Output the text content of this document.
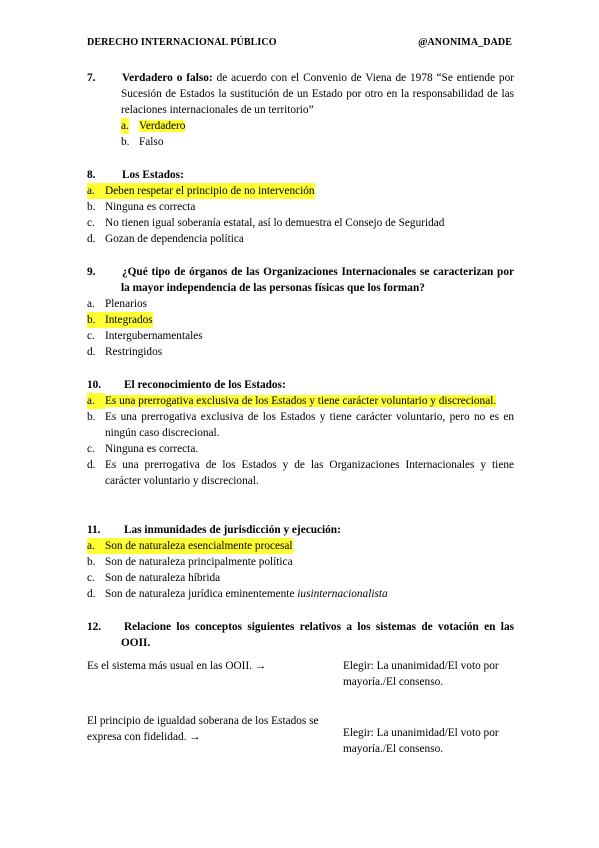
DERECHO INTERNACIONAL PÚBLICO	@ANONIMA_DADE
7. Verdadero o falso: de acuerdo con el Convenio de Viena de 1978 “Se entiende por Sucesión de Estados la sustitución de un Estado por otro en la responsabilidad de las relaciones internacionales de un territorio”
a. Verdadero
b. Falso
8. Los Estados:
a. Deben respetar el principio de no intervención
b. Ninguna es correcta
c. No tienen igual soberanía estatal, así lo demuestra el Consejo de Seguridad
d. Gozan de dependencia política
9. ¿Qué tipo de órganos de las Organizaciones Internacionales se caracterizan por la mayor independencia de las personas físicas que los forman?
a. Plenarios
b. Integrados
c. Intergubernamentales
d. Restringidos
10. El reconocimiento de los Estados:
a. Es una prerrogativa exclusiva de los Estados y tiene carácter voluntario y discrecional.
b. Es una prerrogativa exclusiva de los Estados y tiene carácter voluntario, pero no es en ningún caso discrecional.
c. Ninguna es correcta.
d. Es una prerrogativa de los Estados y de las Organizaciones Internacionales y tiene carácter voluntario y discrecional.
11. Las inmunidades de jurisdicción y ejecución:
a. Son de naturaleza esencialmente procesal
b. Son de naturaleza principalmente política
c. Son de naturaleza híbrida
d. Son de naturaleza jurídica eminentemente iusinternacionalista
12. Relacione los conceptos siguientes relativos a los sistemas de votación en las OOII.
Es el sistema más usual en las OOII. →	Elegir: La unanimidad/El voto por mayoría./El consenso.
El principio de igualdad soberana de los Estados se expresa con fidelidad. →	Elegir: La unanimidad/El voto por mayoría./El consenso.
